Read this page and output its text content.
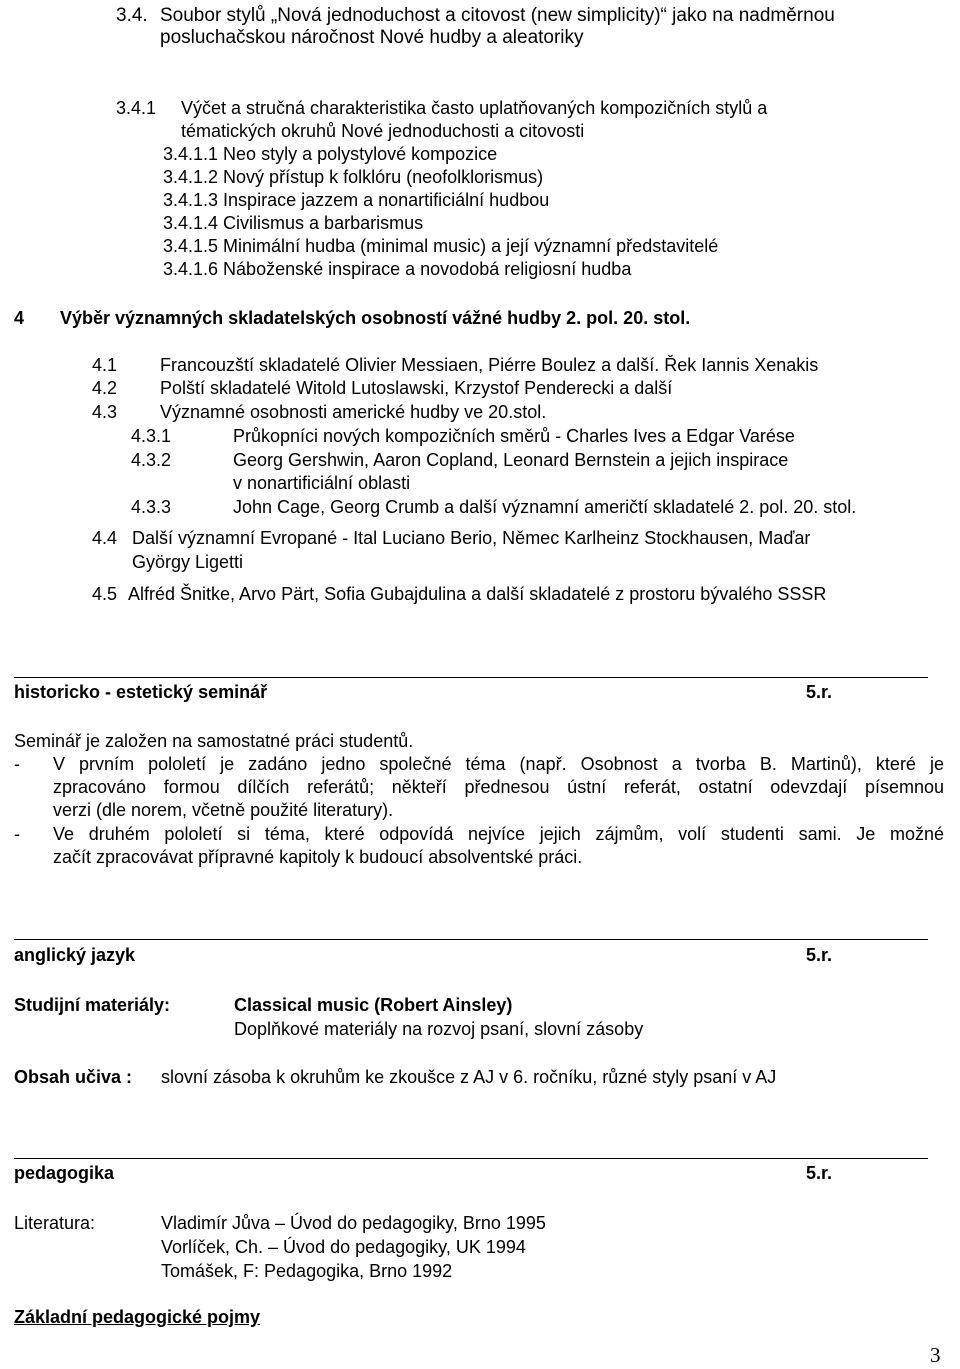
3.4. Soubor stylů „Nová jednoduchost a citovost (new simplicity)“ jako na nadměrnou
posluchačskou náročnost Nové hudby a aleatoriky
3.4.1 Výčet a stručná charakteristika často uplatňovaných kompozičních stylů a
tématických okruhů Nové jednoduchosti a citovosti
3.4.1.1 Neo styly a polystylové kompozice
3.4.1.2 Nový přístup k folklóru (neofolklorismus)
3.4.1.3 Inspirace jazzem a nonartificiální hudbou
3.4.1.4 Civilismus a barbarismus
3.4.1.5 Minimální hudba (minimal music) a její významní představitelé
3.4.1.6 Náboženské inspirace a novodobá religiosní hudba
4 Výběr významných skladatelských osobností vážné hudby 2. pol. 20. stol.
4.1 Francouzští skladatelé Olivier Messiaen, Piérre Boulez a další. Řek Iannis Xenakis
4.2 Polští skladatelé Witold Lutoslawski, Krzystof Penderecki a další
4.3 Významné osobnosti americké hudby ve 20.stol.
4.3.1	Průkopníci nových kompozičních směrů - Charles Ives a Edgar Varése
4.3.2	Georg Gershwin, Aaron Copland, Leonard Bernstein a jejich inspirace
v nonartificiální oblasti
4.3.3	John Cage, Georg Crumb a další významní američtí skladatelé 2. pol. 20. stol.
4.4 Další významní Evropané - Ital Luciano Berio, Němec Karlheinz Stockhausen, Maďar
György Ligetti
4.5 Alfréd Šnitke, Arvo Pärt, Sofia Gubajdulina a další skladatelé z prostoru bývalého SSSR
historicko - estetický seminář	5.r.
Seminář je založen na samostatné práci studentů.
- V prvním pololetí je zadáno jedno společné téma (např. Osobnost a tvorba B. Martinů), které je
zpracováno formou dílčích referátů; někteří přednesou ústní referát, ostatní odevzdají písemnou
verzi (dle norem, včetně použité literatury).
- Ve druhém pololetí si téma, které odpovídá nejvíce jejich zájmům, volí studenti sami. Je možné
začít zpracovávat přípravné kapitoly k budoucí absolventské práci.
anglický jazyk	5.r.
Studijní materiály:	Classical music (Robert Ainsley)
Doplňkové materiály na rozvoj psaní, slovní zásoby
Obsah učiva : slovní zásoba k okruhům ke zkoušce z AJ v 6. ročníku, různé styly psaní v AJ
pedagogika	5.r.
Literatura:	Vladimír Jůva – Úvod do pedagogiky, Brno 1995
Vorlíček, Ch. – Úvod do pedagogiky, UK 1994
Tomášek, F: Pedagogika, Brno 1992
Základní pedagogické pojmy
3
